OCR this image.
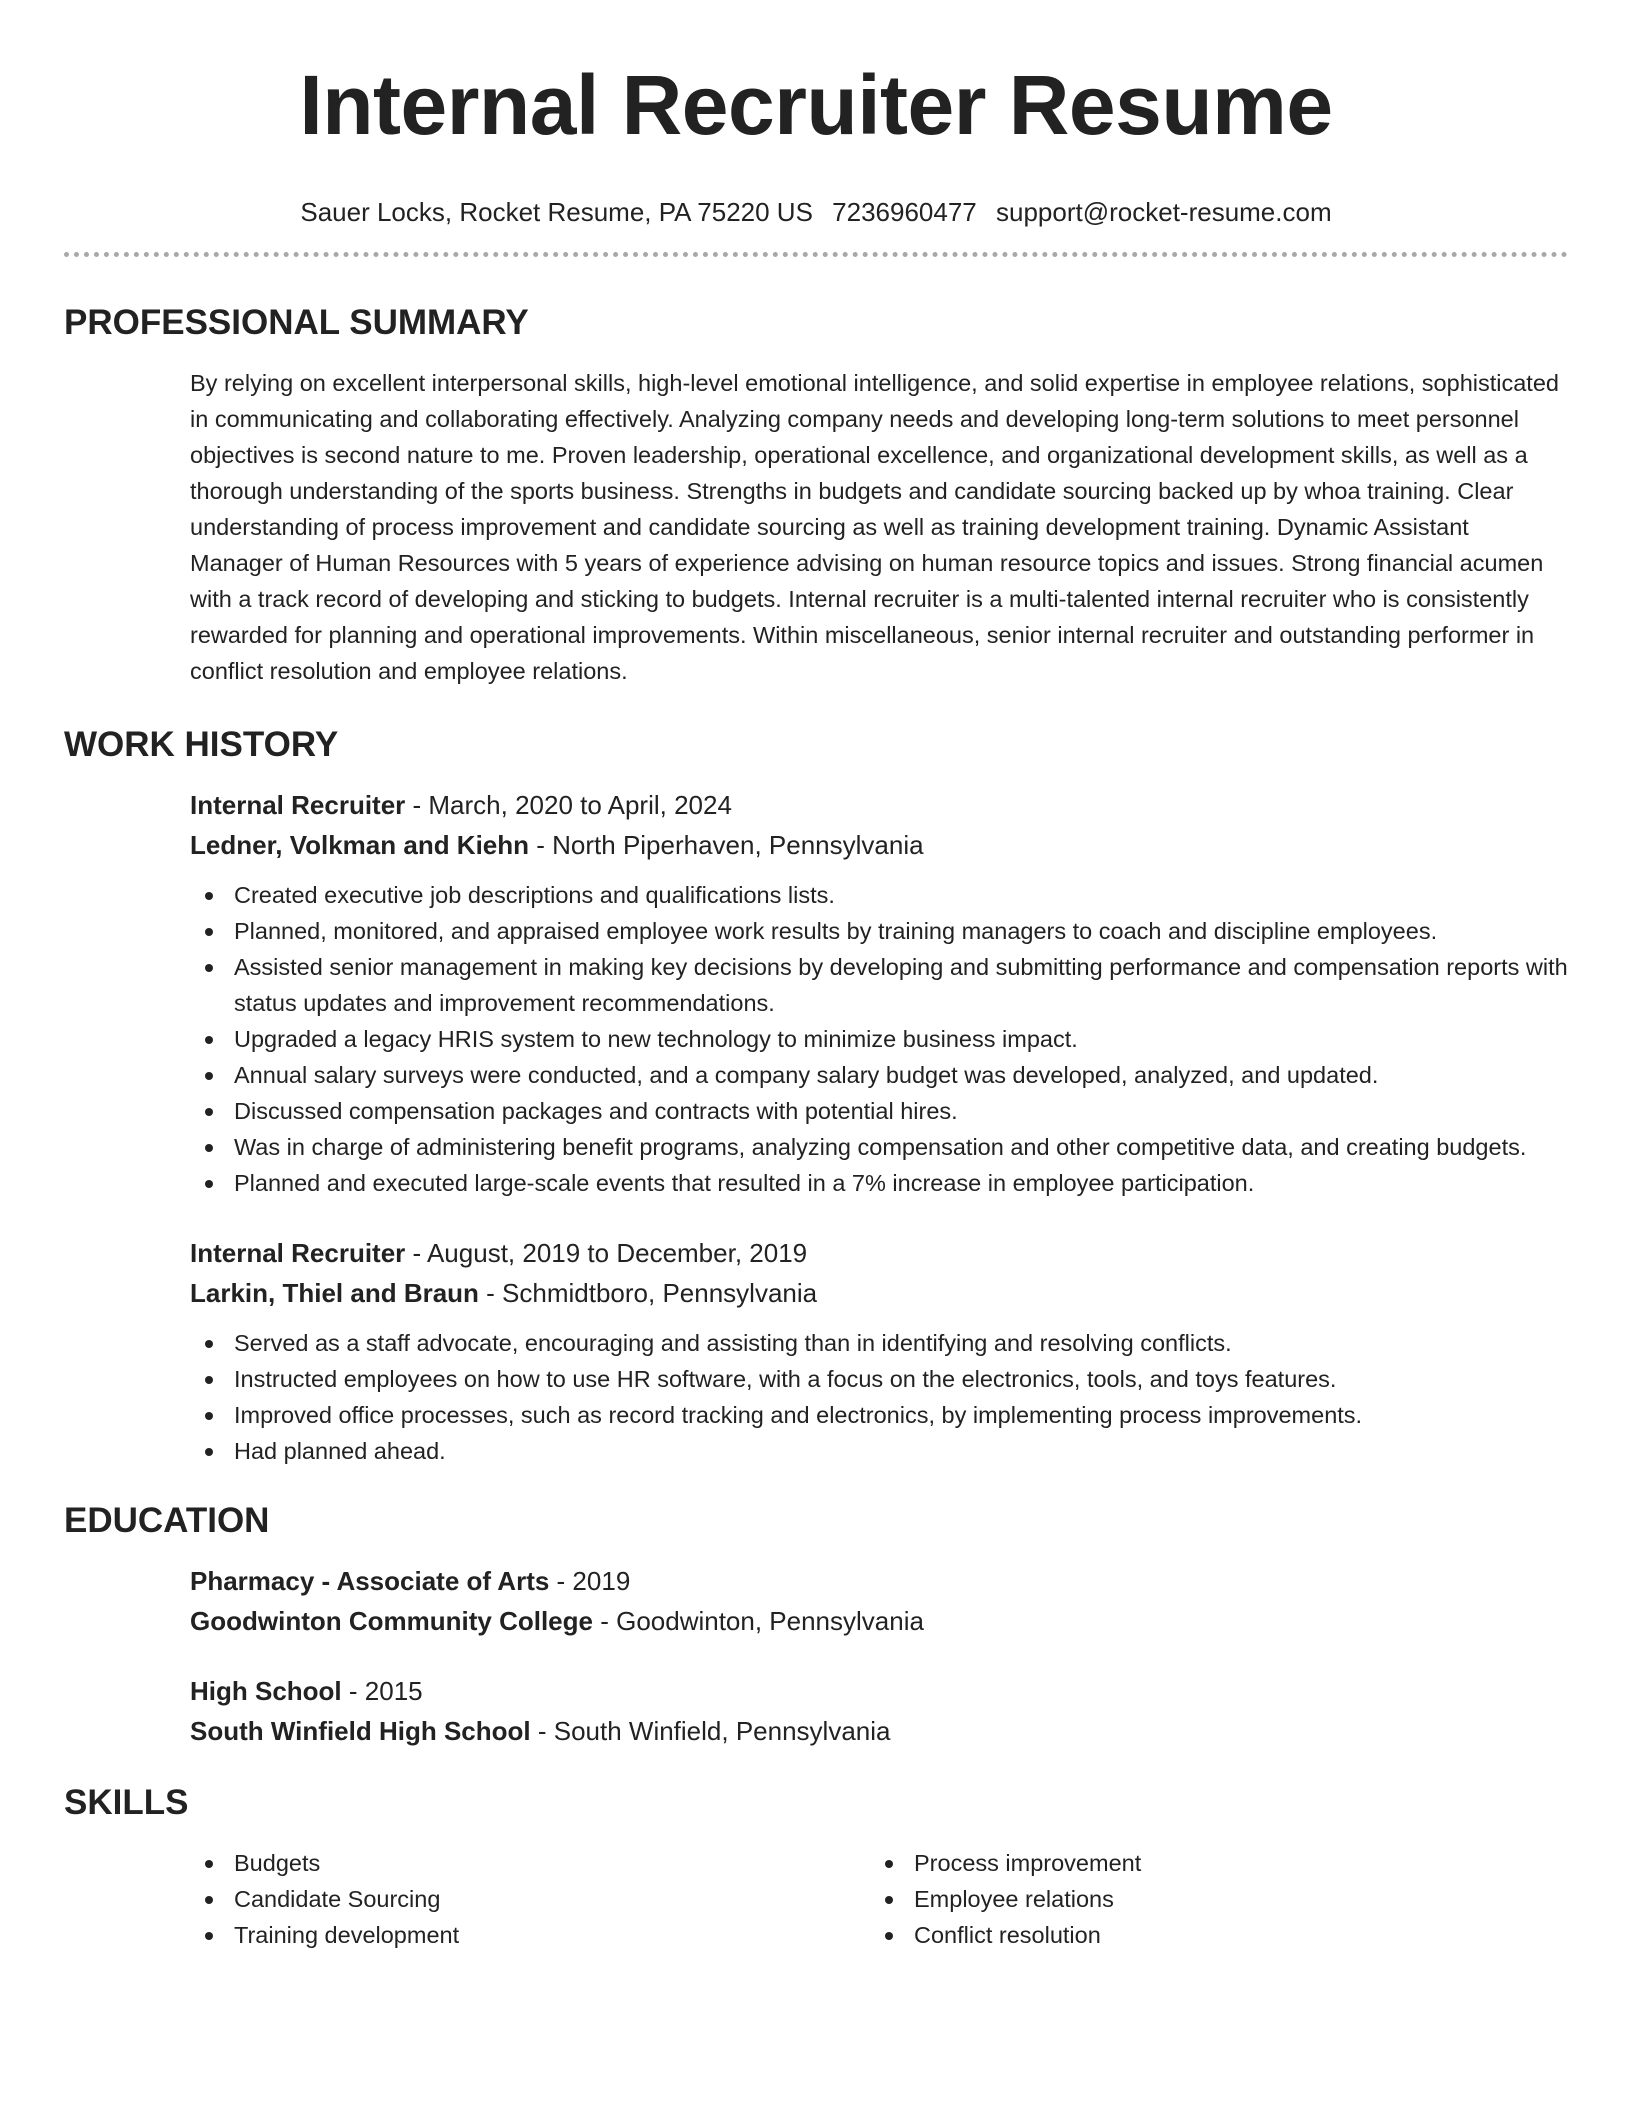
Internal Recruiter Resume
Sauer Locks, Rocket Resume, PA 75220 US 7236960477 support@rocket-resume.com
PROFESSIONAL SUMMARY

By relying on excellent interpersonal skills, high-level emotional intelligence, and solid expertise in employee relations, sophisticated in communicating and collaborating effectively. Analyzing company needs and developing long-term solutions to meet personnel objectives is second nature to me. Proven leadership, operational excellence, and organizational development skills, as well as a thorough understanding of the sports business. Strengths in budgets and candidate sourcing backed up by whoa training. Clear understanding of process improvement and candidate sourcing as well as training development training. Dynamic Assistant Manager of Human Resources with 5 years of experience advising on human resource topics and issues. Strong financial acumen with a track record of developing and sticking to budgets. Internal recruiter is a multi-talented internal recruiter who is consistently rewarded for planning and operational improvements. Within miscellaneous, senior internal recruiter and outstanding performer in conflict resolution and employee relations.

WORK HISTORY
Internal Recruiter - March, 2020 to April, 2024
Ledner, Volkman and Kiehn - North Piperhaven, Pennsylvania
Created executive job descriptions and qualifications lists.
Planned, monitored, and appraised employee work results by training managers to coach and discipline employees.
Assisted senior management in making key decisions by developing and submitting performance and compensation reports with status updates and improvement recommendations.
Upgraded a legacy HRIS system to new technology to minimize business impact.
Annual salary surveys were conducted, and a company salary budget was developed, analyzed, and updated.
Discussed compensation packages and contracts with potential hires.
Was in charge of administering benefit programs, analyzing compensation and other competitive data, and creating budgets.
Planned and executed large-scale events that resulted in a 7% increase in employee participation.
Internal Recruiter - August, 2019 to December, 2019
Larkin, Thiel and Braun - Schmidtboro, Pennsylvania
Served as a staff advocate, encouraging and assisting than in identifying and resolving conflicts.
Instructed employees on how to use HR software, with a focus on the electronics, tools, and toys features.
Improved office processes, such as record tracking and electronics, by implementing process improvements.
Had planned ahead.
EDUCATION
Pharmacy - Associate of Arts - 2019
Goodwinton Community College - Goodwinton, Pennsylvania
High School - 2015
South Winfield High School - South Winfield, Pennsylvania
SKILLS
Budgets
Candidate Sourcing
Training development
Process improvement
Employee relations
Conflict resolution
